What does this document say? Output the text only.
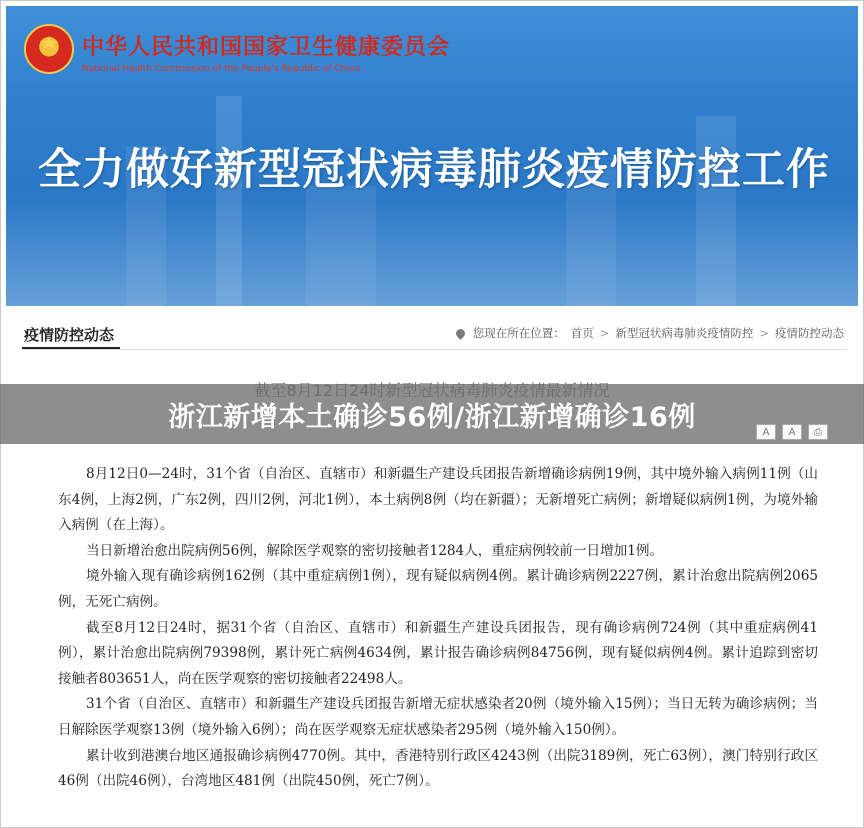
中华人民共和国国家卫生健康委员会
National Health Commission of the People's Republic of China
全力做好新型冠状病毒肺炎疫情防控工作
疫情防控动态	您现在所在位置： 首页 > 新型冠状病毒肺炎疫情防控 > 疫情防控动态
浙江新增本土确诊56例/浙江新增确诊16例	A	A	⎙

8月12日0—24时，31个省（自治区、直辖市）和新疆生产建设兵团报告新增确诊病例19例，其中境外输入病例11例（山东4例，上海2例，广东2例，四川2例，河北1例），本土病例8例（均在新疆）；无新增死亡病例；新增疑似病例1例，为境外输入病例（在上海）。

当日新增治愈出院病例56例，解除医学观察的密切接触者1284人，重症病例较前一日增加1例。

境外输入现有确诊病例162例（其中重症病例1例），现有疑似病例4例。累计确诊病例2227例，累计治愈出院病例2065例，无死亡病例。

截至8月12日24时，据31个省（自治区、直辖市）和新疆生产建设兵团报告，现有确诊病例724例（其中重症病例41例），累计治愈出院病例79398例，累计死亡病例4634例，累计报告确诊病例84756例，现有疑似病例4例。累计追踪到密切接触者803651人，尚在医学观察的密切接触者22498人。

31个省（自治区、直辖市）和新疆生产建设兵团报告新增无症状感染者20例（境外输入15例）；当日无转为确诊病例；当日解除医学观察13例（境外输入6例）；尚在医学观察无症状感染者295例（境外输入150例）。

累计收到港澳台地区通报确诊病例4770例。其中，香港特别行政区4243例（出院3189例，死亡63例），澳门特别行政区46例（出院46例），台湾地区481例（出院450例，死亡7例）。
